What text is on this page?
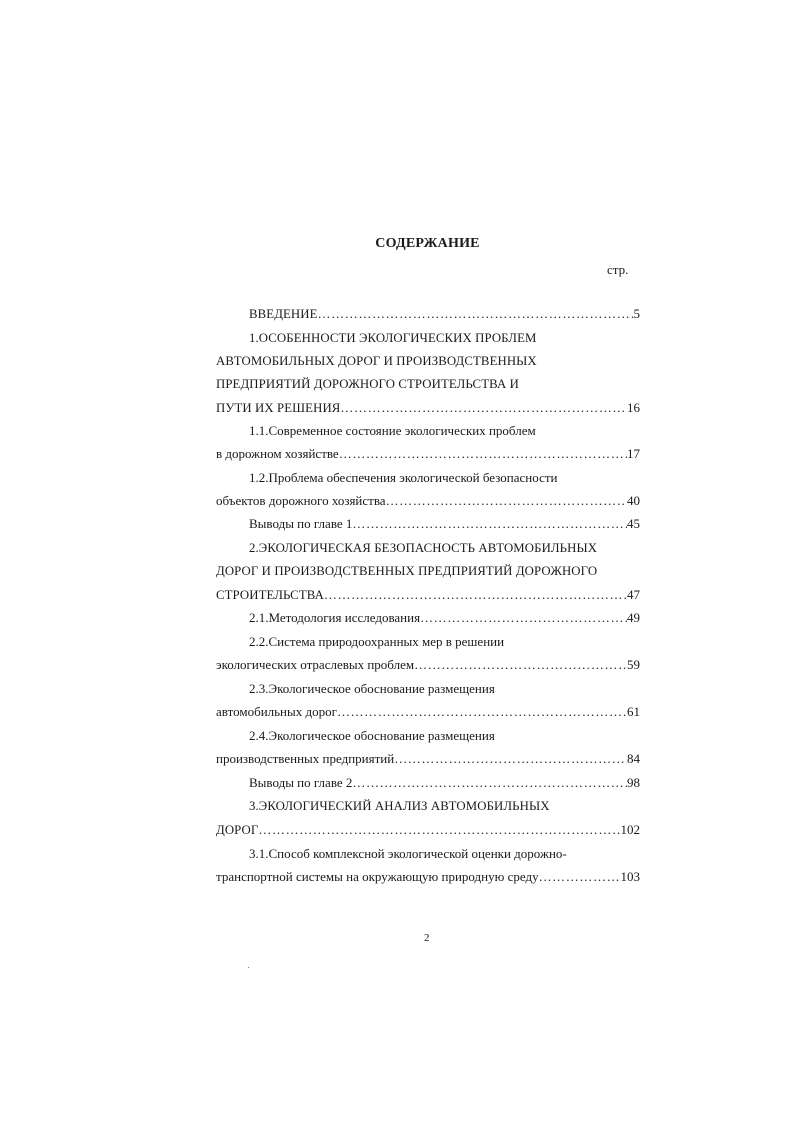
СОДЕРЖАНИЕ
стр.
ВВЕДЕНИЕ ……………………………………………………………………………………………………………………………………………………	5
1.ОСОБЕННОСТИ ЭКОЛОГИЧЕСКИХ ПРОБЛЕМ
АВТОМОБИЛЬНЫХ ДОРОГ И ПРОИЗВОДСТВЕННЫХ
ПРЕДПРИЯТИЙ ДОРОЖНОГО СТРОИТЕЛЬСТВА И
ПУТИ ИХ РЕШЕНИЯ ……………………………………………………………………………………………………………………………………………………	16
1.1.Современное состояние экологических проблем
в дорожном хозяйстве ……………………………………………………………………………………………………………………………………………………	17
1.2.Проблема обеспечения экологической безопасности
объектов дорожного хозяйства ……………………………………………………………………………………………………………………………………………………	40
Выводы по главе 1 ……………………………………………………………………………………………………………………………………………………	45
2.ЭКОЛОГИЧЕСКАЯ БЕЗОПАСНОСТЬ АВТОМОБИЛЬНЫХ
ДОРОГ И ПРОИЗВОДСТВЕННЫХ ПРЕДПРИЯТИЙ ДОРОЖНОГО
СТРОИТЕЛЬСТВА ……………………………………………………………………………………………………………………………………………………	47
2.1.Методология исследования ……………………………………………………………………………………………………………………………………………………	49
2.2.Система природоохранных мер в решении
экологических отраслевых проблем ……………………………………………………………………………………………………………………………………………………	59
2.3.Экологическое обоснование размещения
автомобильных дорог ……………………………………………………………………………………………………………………………………………………	61
2.4.Экологическое обоснование размещения
производственных предприятий ……………………………………………………………………………………………………………………………………………………	84
Выводы по главе 2 ……………………………………………………………………………………………………………………………………………………	98
3.ЭКОЛОГИЧЕСКИЙ АНАЛИЗ АВТОМОБИЛЬНЫХ
ДОРОГ ……………………………………………………………………………………………………………………………………………………	102
3.1.Способ комплексной экологической оценки дорожно-
транспортной системы на окружающую природную среду ……………………………………………………………………………………………………………………………………………………	103
2
